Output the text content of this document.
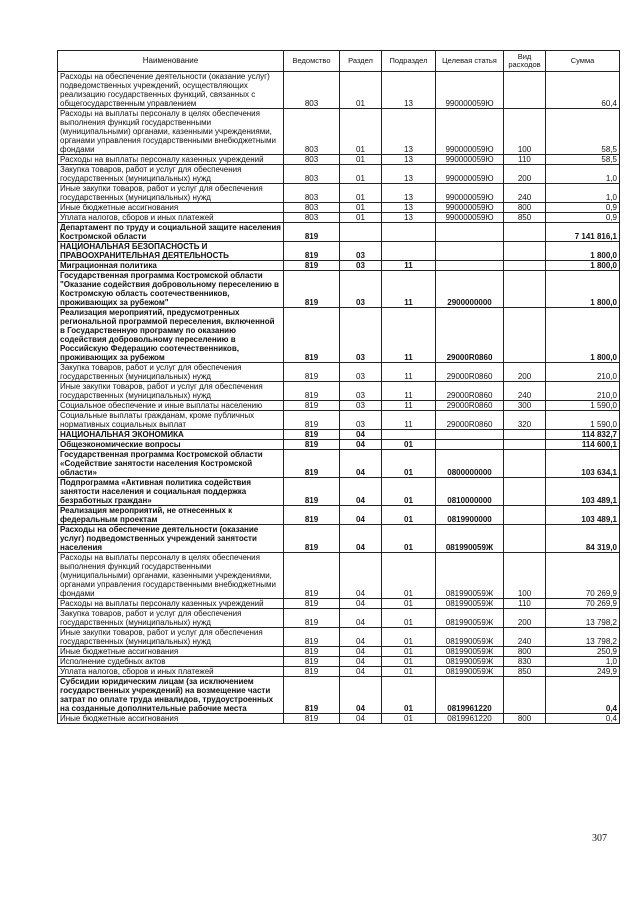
Наименование	Ведомство	Раздел	Подраздел	Целевая статья	Вид расходов	Сумма
Расходы на обеспечение деятельности (оказание услуг) подведомственных учреждений, осуществляющих реализацию государственных функций, связанных с общегосударственным управлением	803	01	13	990000059Ю		60,4
Расходы на выплаты персоналу в целях обеспечения выполнения функций государственными (муниципальными) органами, казенными учреждениями, органами управления государственными внебюджетными фондами	803	01	13	990000059Ю	100	58,5
Расходы на выплаты персоналу казенных учреждений	803	01	13	990000059Ю	110	58,5
Закупка товаров, работ и услуг для обеспечения государственных (муниципальных) нужд	803	01	13	990000059Ю	200	1,0
Иные закупки товаров, работ и услуг для обеспечения государственных (муниципальных) нужд	803	01	13	990000059Ю	240	1,0
Иные бюджетные ассигнования	803	01	13	990000059Ю	800	0,9
Уплата налогов, сборов и иных платежей	803	01	13	990000059Ю	850	0,9
Департамент по труду и социальной защите населения Костромской области	819					7 141 816,1
НАЦИОНАЛЬНАЯ БЕЗОПАСНОСТЬ И ПРАВООХРАНИТЕЛЬНАЯ ДЕЯТЕЛЬНОСТЬ	819	03				1 800,0
Миграционная политика	819	03	11			1 800,0
Государственная программа Костромской области "Оказание содействия добровольному переселению в Костромскую область соотечественников, проживающих за рубежом"	819	03	11	2900000000		1 800,0
Реализация мероприятий, предусмотренных региональной программой переселения, включенной в Государственную программу по оказанию содействия добровольному переселению в Российскую Федерацию соотечественников, проживающих за рубежом	819	03	11	29000R0860		1 800,0
Закупка товаров, работ и услуг для обеспечения государственных (муниципальных) нужд	819	03	11	29000R0860	200	210,0
Иные закупки товаров, работ и услуг для обеспечения государственных (муниципальных) нужд	819	03	11	29000R0860	240	210,0
Социальное обеспечение и иные выплаты населению	819	03	11	29000R0860	300	1 590,0
Социальные выплаты гражданам, кроме публичных нормативных социальных выплат	819	03	11	29000R0860	320	1 590,0
НАЦИОНАЛЬНАЯ ЭКОНОМИКА	819	04				114 832,7
Общеэкономические вопросы	819	04	01			114 600,1
Государственная программа Костромской области «Содействие занятости населения Костромской области»	819	04	01	0800000000		103 634,1
Подпрограмма «Активная политика содействия занятости населения и социальная поддержка безработных граждан»	819	04	01	0810000000		103 489,1
Реализация мероприятий, не отнесенных к федеральным проектам	819	04	01	0819900000		103 489,1
Расходы на обеспечение деятельности (оказание услуг) подведомственных учреждений занятости населения	819	04	01	081990059Ж		84 319,0
Расходы на выплаты персоналу в целях обеспечения выполнения функций государственными (муниципальными) органами, казенными учреждениями, органами управления государственными внебюджетными фондами	819	04	01	081990059Ж	100	70 269,9
Расходы на выплаты персоналу казенных учреждений	819	04	01	081990059Ж	110	70 269,9
Закупка товаров, работ и услуг для обеспечения государственных (муниципальных) нужд	819	04	01	081990059Ж	200	13 798,2
Иные закупки товаров, работ и услуг для обеспечения государственных (муниципальных) нужд	819	04	01	081990059Ж	240	13 798,2
Иные бюджетные ассигнования	819	04	01	081990059Ж	800	250,9
Исполнение судебных актов	819	04	01	081990059Ж	830	1,0
Уплата налогов, сборов и иных платежей	819	04	01	081990059Ж	850	249,9
Субсидии юридическим лицам (за исключением государственных учреждений) на возмещение части затрат по оплате труда инвалидов, трудоустроенных на созданные дополнительные рабочие места	819	04	01	0819961220		0,4
Иные бюджетные ассигнования	819	04	01	0819961220	800	0,4
307
